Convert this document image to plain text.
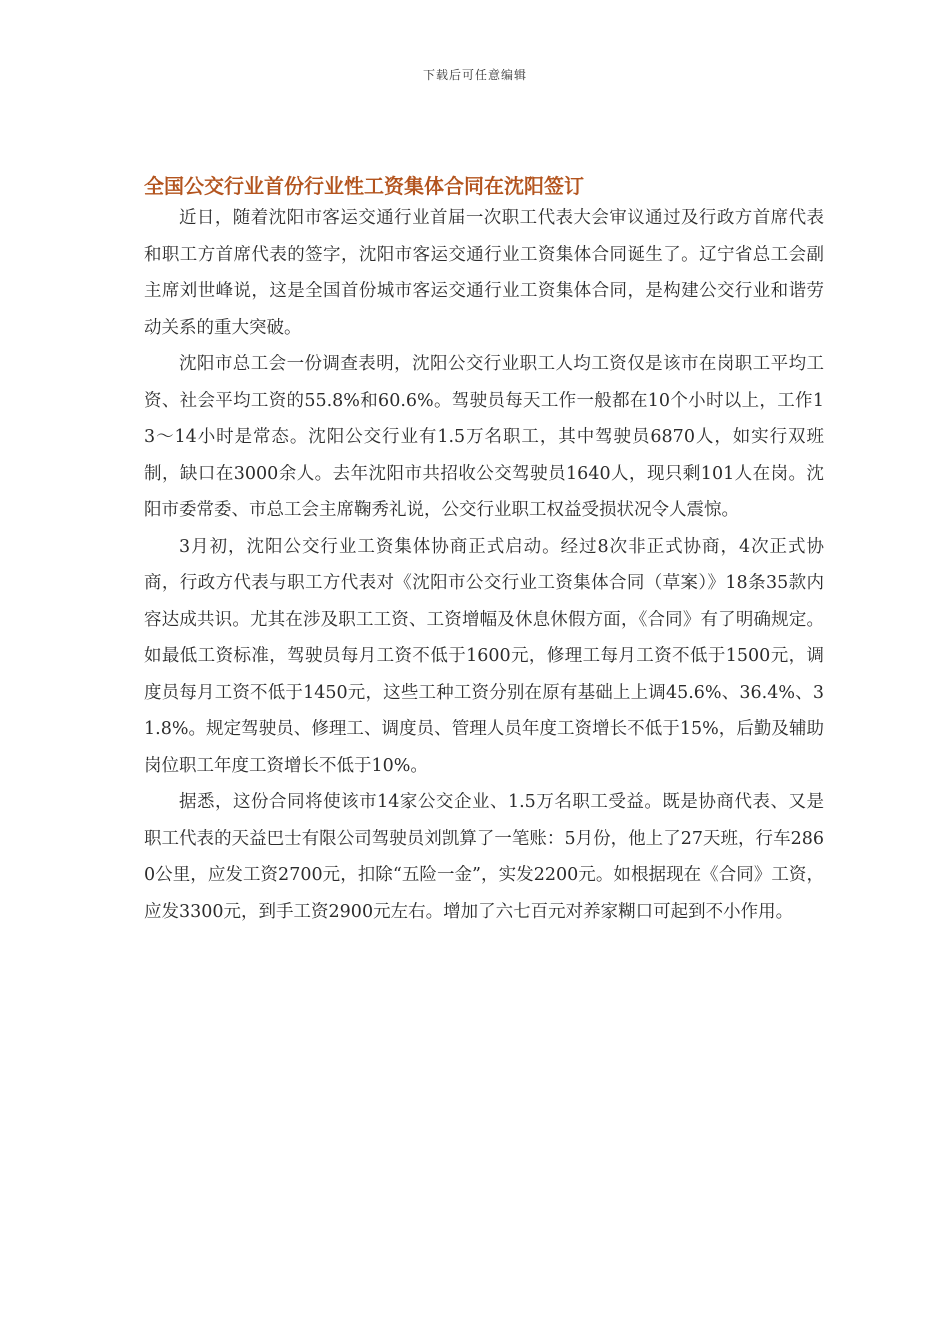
下载后可任意编辑
全国公交行业首份行业性工资集体合同在沈阳签订

近日，随着沈阳市客运交通行业首届一次职工代表大会审议通过及行政方首席代表和职工方首席代表的签字，沈阳市客运交通行业工资集体合同诞生了。辽宁省总工会副主席刘世峰说，这是全国首份城市客运交通行业工资集体合同，是构建公交行业和谐劳动关系的重大突破。

沈阳市总工会一份调查表明，沈阳公交行业职工人均工资仅是该市在岗职工平均工资、社会平均工资的55.8%和60.6%。驾驶员每天工作一般都在10个小时以上，工作13～14小时是常态。沈阳公交行业有1.5万名职工，其中驾驶员6870人，如实行双班制，缺口在3000余人。去年沈阳市共招收公交驾驶员1640人，现只剩101人在岗。沈阳市委常委、市总工会主席鞠秀礼说，公交行业职工权益受损状况令人震惊。

3月初，沈阳公交行业工资集体协商正式启动。经过8次非正式协商，4次正式协商，行政方代表与职工方代表对《沈阳市公交行业工资集体合同（草案）》18条35款内容达成共识。尤其在涉及职工工资、工资增幅及休息休假方面，《合同》有了明确规定。如最低工资标准，驾驶员每月工资不低于1600元，修理工每月工资不低于1500元，调度员每月工资不低于1450元，这些工种工资分别在原有基础上上调45.6%、36.4%、31.8%。规定驾驶员、修理工、调度员、管理人员年度工资增长不低于15%，后勤及辅助岗位职工年度工资增长不低于10%。

据悉，这份合同将使该市14家公交企业、1.5万名职工受益。既是协商代表、又是职工代表的天益巴士有限公司驾驶员刘凯算了一笔账：5月份，他上了27天班，行车2860公里，应发工资2700元，扣除“五险一金”，实发2200元。如根据现在《合同》工资，应发3300元，到手工资2900元左右。增加了六七百元对养家糊口可起到不小作用。
